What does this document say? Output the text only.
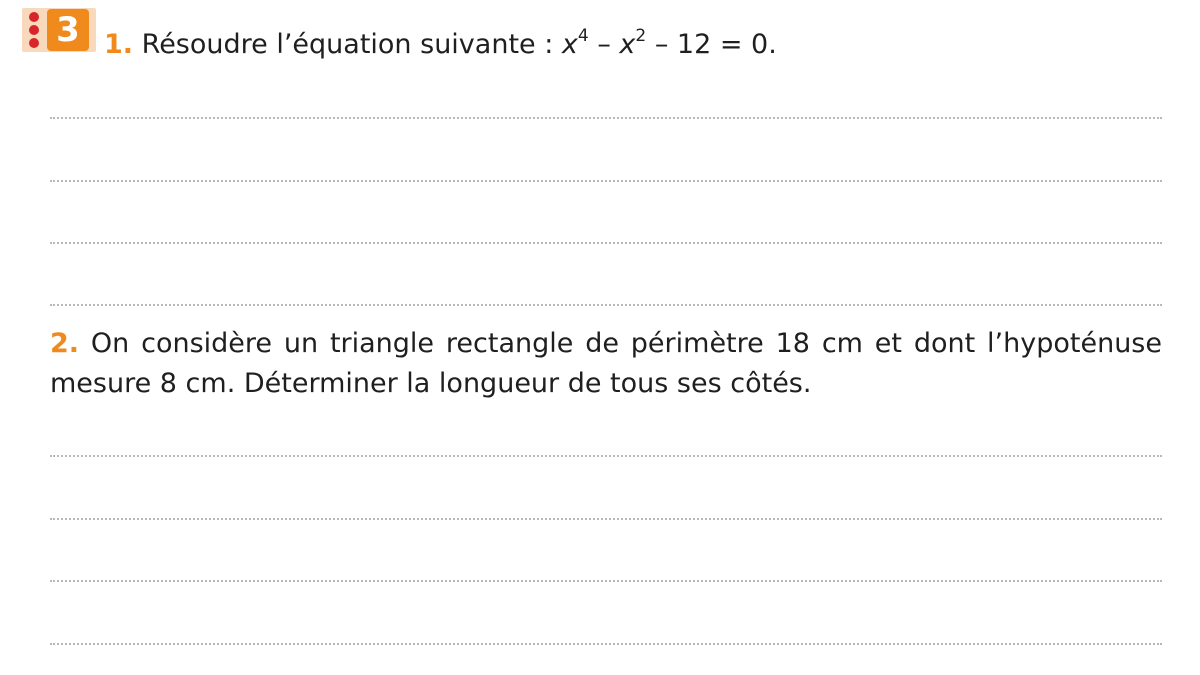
3 1. Résoudre l’équation suivante : $x^4 - x^2 - 12 = 0$.
2. On considère un triangle rectangle de périmètre 18 cm et dont l’hypoténuse
mesure 8 cm. Déterminer la longueur de tous ses côtés.
